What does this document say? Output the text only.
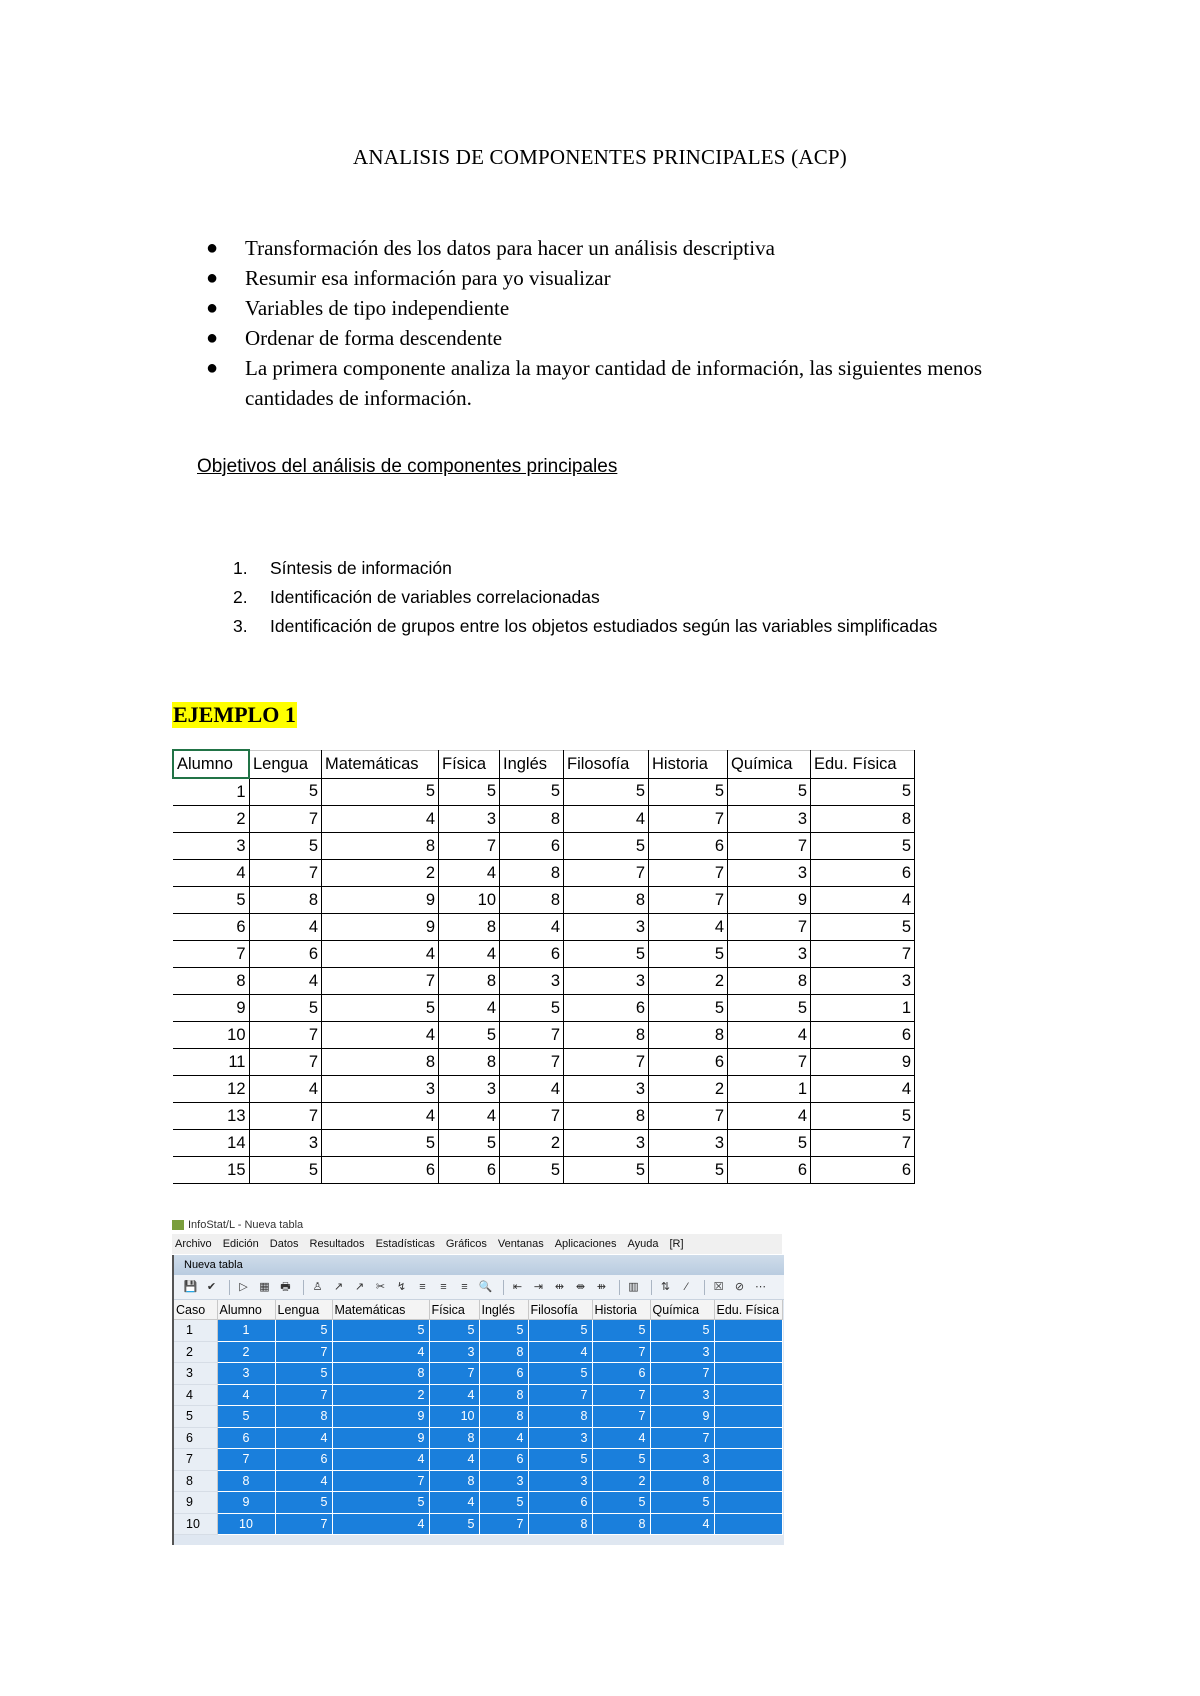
ANALISIS DE COMPONENTES PRINCIPALES (ACP)
● Transformación des los datos para hacer un análisis descriptiva
● Resumir esa información para yo visualizar
● Variables de tipo independiente
● Ordenar de forma descendente
● La primera componente analiza la mayor cantidad de información, las siguientes menos cantidades de información.
Objetivos del análisis de componentes principales
1. Síntesis de información
2. Identificación de variables correlacionadas
3. Identificación de grupos entre los objetos estudiados según las variables simplificadas
EJEMPLO 1
Alumno	Lengua	Matemáticas	Física	Inglés	Filosofía	Historia	Química	Edu. Física
1	5	5	5	5	5	5	5	5
2	7	4	3	8	4	7	3	8
3	5	8	7	6	5	6	7	5
4	7	2	4	8	7	7	3	6
5	8	9	10	8	8	7	9	4
6	4	9	8	4	3	4	7	5
7	6	4	4	6	5	5	3	7
8	4	7	8	3	3	2	8	3
9	5	5	4	5	6	5	5	1
10	7	4	5	7	8	8	4	6
11	7	8	8	7	7	6	7	9
12	4	3	3	4	3	2	1	4
13	7	4	4	7	8	7	4	5
14	3	5	5	2	3	3	5	7
15	5	6	6	5	5	5	6	6
InfoStat/L - Nueva tabla
Archivo Edición Datos Resultados Estadísticas Gráficos Ventanas Aplicaciones Ayuda [R]
Nueva tabla
💾 ✔	▷	▦ 🖶	♙	↗	↗	✂	↯	≡	≡	≡ 🔍	⇤	⇥	⇹	⇼	⇻	▥	⇅	⁄	☒	⊘ ⋯
Caso	Alumno	Lengua	Matemáticas	Física	Inglés	Filosofía	Historia	Química	Edu. Física
1	1	5	5	5	5	5	5	5	
2	2	7	4	3	8	4	7	3	
3	3	5	8	7	6	5	6	7	
4	4	7	2	4	8	7	7	3	
5	5	8	9	10	8	8	7	9	
6	6	4	9	8	4	3	4	7	
7	7	6	4	4	6	5	5	3	
8	8	4	7	8	3	3	2	8	
9	9	5	5	4	5	6	5	5	
10	10	7	4	5	7	8	8	4	
